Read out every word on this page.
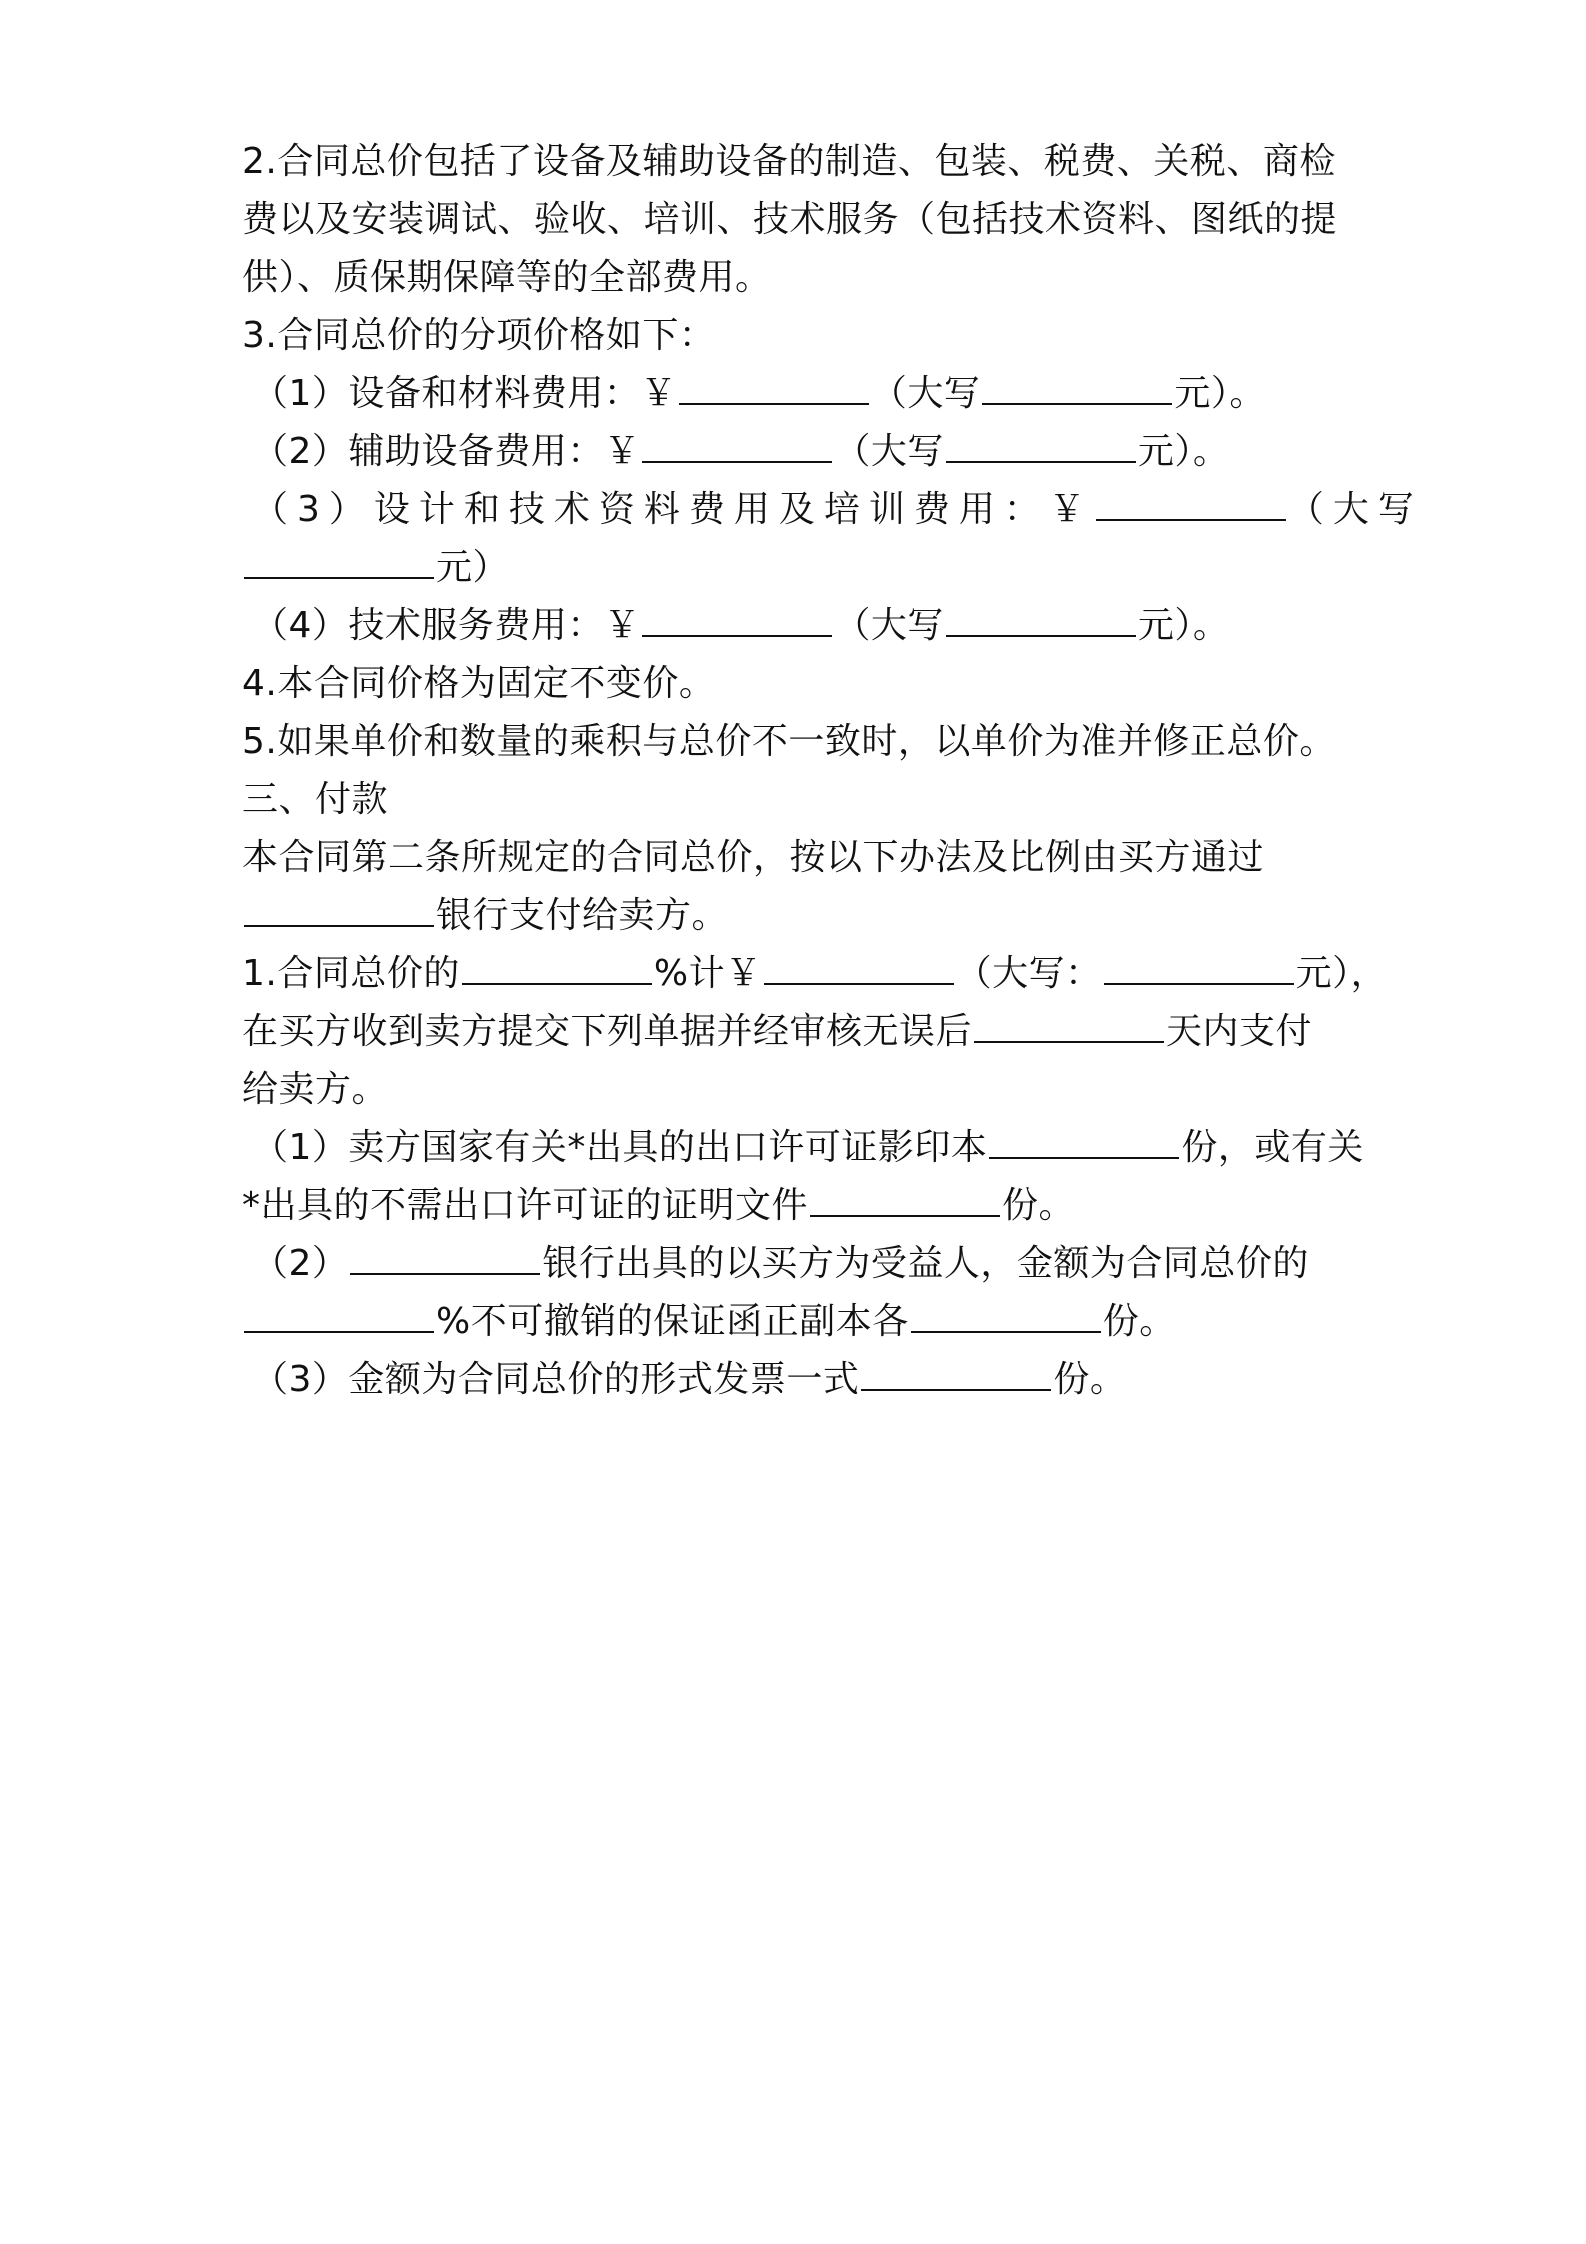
2.合同总价包括了设备及辅助设备的制造、包装、税费、关税、商检
费以及安装调试、验收、培训、技术服务（包括技术资料、图纸的提
供）、质保期保障等的全部费用。
3.合同总价的分项价格如下：
（1）设备和材料费用：￥	（大写	元）。
（2）辅助设备费用：￥	（大写	元）。
（3）设计和技术资料费用及培训费用：￥	（大写
元）
（4）技术服务费用：￥	（大写	元）。
4.本合同价格为固定不变价。
5.如果单价和数量的乘积与总价不一致时，以单价为准并修正总价。
三、付款
本合同第二条所规定的合同总价，按以下办法及比例由买方通过
银行支付给卖方。
1.合同总价的	%计￥	（大写：	元），
在买方收到卖方提交下列单据并经审核无误后	天内支付
给卖方。
（1）卖方国家有关*出具的出口许可证影印本	份，或有关
*出具的不需出口许可证的证明文件	份。
（2）	银行出具的以买方为受益人，金额为合同总价的
%不可撤销的保证函正副本各	份。
（3）金额为合同总价的形式发票一式	份。
